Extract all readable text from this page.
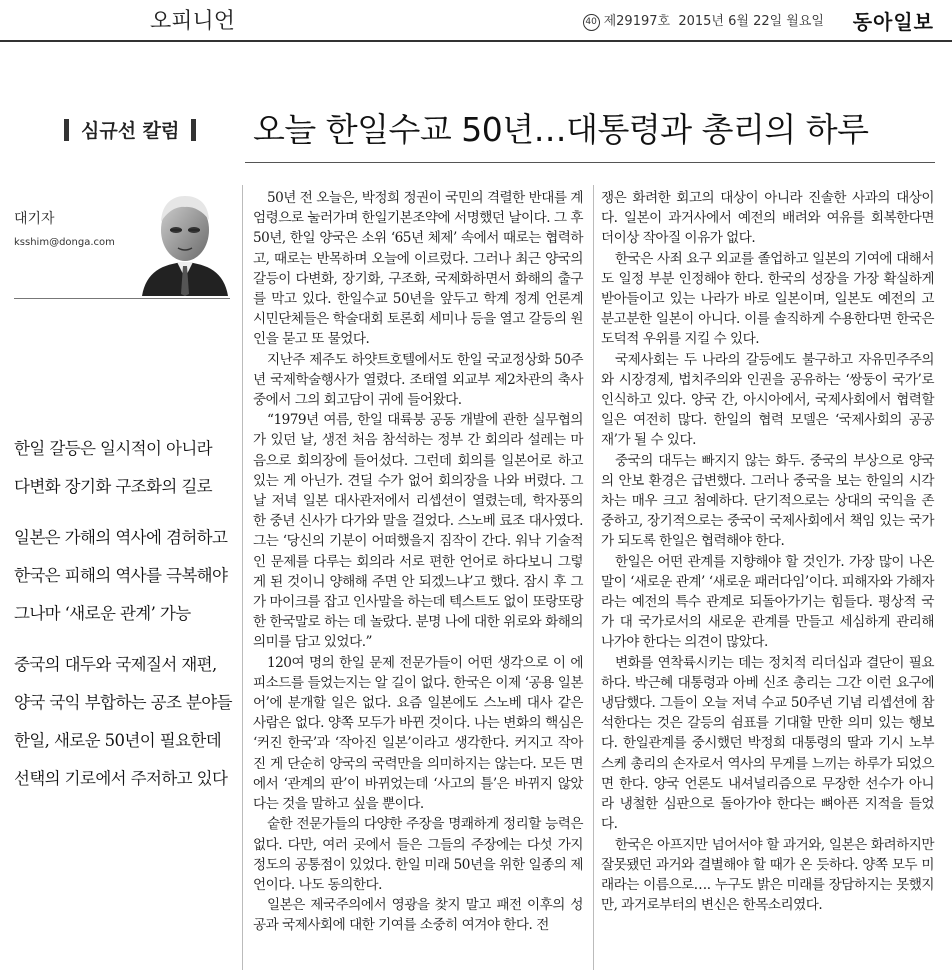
오피니언	40 제29197호 2015년 6월 22일 월요일 동아일보
심규선 칼럼	오늘 한일수교 50년…대통령과 총리의 하루
대기자
ksshim@donga.com
한일 갈등은 일시적이 아니라
다변화 장기화 구조화의 길로
일본은 가해의 역사에 겸허하고
한국은 피해의 역사를 극복해야
그나마 ‘새로운 관계’ 가능
중국의 대두와 국제질서 재편,
양국 국익 부합하는 공조 분야들
한일, 새로운 50년이 필요한데
선택의 기로에서 주저하고 있다

50년 전 오늘은, 박정희 정권이 국민의 격렬한 반대를 계엄령으로 눌러가며 한일기본조약에 서명했던 날이다. 그 후 50년, 한일 양국은 소위 ‘65년 체제’ 속에서 때로는 협력하고, 때로는 반목하며 오늘에 이르렀다. 그러나 최근 양국의 갈등이 다변화, 장기화, 구조화, 국제화하면서 화해의 출구를 막고 있다. 한일수교 50년을 앞두고 학계 정계 언론계 시민단체들은 학술대회 토론회 세미나 등을 열고 갈등의 원인을 묻고 또 물었다.

지난주 제주도 하얏트호텔에서도 한일 국교정상화 50주년 국제학술행사가 열렸다. 조태열 외교부 제2차관의 축사 중에서 그의 회고담이 귀에 들어왔다.

“1979년 여름, 한일 대륙붕 공동 개발에 관한 실무협의가 있던 날, 생전 처음 참석하는 정부 간 회의라 설레는 마음으로 회의장에 들어섰다. 그런데 회의를 일본어로 하고 있는 게 아닌가. 견딜 수가 없어 회의장을 나와 버렸다. 그날 저녁 일본 대사관저에서 리셉션이 열렸는데, 학자풍의 한 중년 신사가 다가와 말을 걸었다. 스노베 료조 대사였다. 그는 ‘당신의 기분이 어떠했을지 짐작이 간다. 워낙 기술적인 문제를 다루는 회의라 서로 편한 언어로 하다보니 그렇게 된 것이니 양해해 주면 안 되겠느냐’고 했다. 잠시 후 그가 마이크를 잡고 인사말을 하는데 텍스트도 없이 또랑또랑한 한국말로 하는 데 놀랐다. 분명 나에 대한 위로와 화해의 의미를 담고 있었다.”

120여 명의 한일 문제 전문가들이 어떤 생각으로 이 에피소드를 들었는지는 알 길이 없다. 한국은 이제 ‘공용 일본어’에 분개할 일은 없다. 요즘 일본에도 스노베 대사 같은 사람은 없다. 양쪽 모두가 바뀐 것이다. 나는 변화의 핵심은 ‘커진 한국’과 ‘작아진 일본’이라고 생각한다. 커지고 작아진 게 단순히 양국의 국력만을 의미하지는 않는다. 모든 면에서 ‘관계의 판’이 바뀌었는데 ‘사고의 틀’은 바뀌지 않았다는 것을 말하고 싶을 뿐이다.

숱한 전문가들의 다양한 주장을 명쾌하게 정리할 능력은 없다. 다만, 여러 곳에서 들은 그들의 주장에는 다섯 가지 정도의 공통점이 있었다. 한일 미래 50년을 위한 일종의 제언이다. 나도 동의한다.

일본은 제국주의에서 영광을 찾지 말고 패전 이후의 성공과 국제사회에 대한 기여를 소중히 여겨야 한다. 전

쟁은 화려한 회고의 대상이 아니라 진솔한 사과의 대상이다. 일본이 과거사에서 예전의 배려와 여유를 회복한다면 더이상 작아질 이유가 없다.

한국은 사죄 요구 외교를 졸업하고 일본의 기여에 대해서도 일정 부분 인정해야 한다. 한국의 성장을 가장 확실하게 받아들이고 있는 나라가 바로 일본이며, 일본도 예전의 고분고분한 일본이 아니다. 이를 솔직하게 수용한다면 한국은 도덕적 우위를 지킬 수 있다.

국제사회는 두 나라의 갈등에도 불구하고 자유민주주의와 시장경제, 법치주의와 인권을 공유하는 ‘쌍둥이 국가’로 인식하고 있다. 양국 간, 아시아에서, 국제사회에서 협력할 일은 여전히 많다. 한일의 협력 모델은 ‘국제사회의 공공재’가 될 수 있다.

중국의 대두는 빠지지 않는 화두. 중국의 부상으로 양국의 안보 환경은 급변했다. 그러나 중국을 보는 한일의 시각차는 매우 크고 첨예하다. 단기적으로는 상대의 국익을 존중하고, 장기적으로는 중국이 국제사회에서 책임 있는 국가가 되도록 한일은 협력해야 한다.

한일은 어떤 관계를 지향해야 할 것인가. 가장 많이 나온 말이 ‘새로운 관계’ ‘새로운 패러다임’이다. 피해자와 가해자라는 예전의 특수 관계로 되돌아가기는 힘들다. 평상적 국가 대 국가로서의 새로운 관계를 만들고 세심하게 관리해 나가야 한다는 의견이 많았다.

변화를 연착륙시키는 데는 정치적 리더십과 결단이 필요하다. 박근혜 대통령과 아베 신조 총리는 그간 이런 요구에 냉담했다. 그들이 오늘 저녁 수교 50주년 기념 리셉션에 참석한다는 것은 갈등의 쉼표를 기대할 만한 의미 있는 행보다. 한일관계를 중시했던 박정희 대통령의 딸과 기시 노부스케 총리의 손자로서 역사의 무게를 느끼는 하루가 되었으면 한다. 양국 언론도 내셔널리즘으로 무장한 선수가 아니라 냉철한 심판으로 돌아가야 한다는 뼈아픈 지적을 들었다.

한국은 아프지만 넘어서야 할 과거와, 일본은 화려하지만 잘못됐던 과거와 결별해야 할 때가 온 듯하다. 양쪽 모두 미래라는 이름으로…. 누구도 밝은 미래를 장담하지는 못했지만, 과거로부터의 변신은 한목소리였다.
